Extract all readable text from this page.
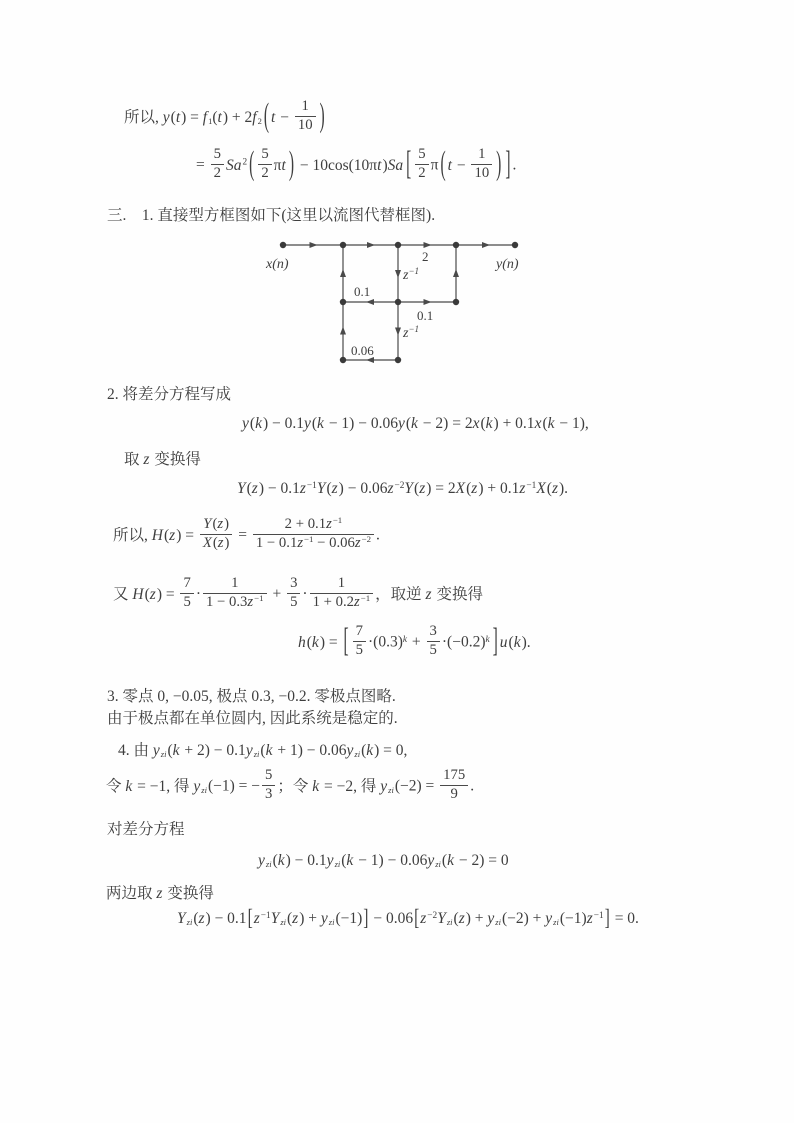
所以, $y(t) = f_1(t) + 2f_2$ ( $t - \frac{1}{10}$ )
= $\frac{5}{2} Sa^2$ ( $\frac{5}{2}$ πt ) − 10cos(10πt)Sa [ $\frac{5}{2}$ π ( $t - \frac{1}{10}$ ) ] .
三.　1. 直接型方框图如下(这里以流图代替框图).
x(n)	y(n)
2
$z^{-1}$
0.1
0.1
$z^{-1}$
0.06
2. 将差分方程写成
y(k) − 0.1y(k − 1) − 0.06y(k − 2) = 2x(k) + 0.1x(k − 1),
取 z 变换得
$Y(z) - 0.1z^{-1}Y(z) - 0.06z^{-2}Y(z) = 2X(z) + 0.1z^{-1}X(z)$.
所以, $H(z) = \frac{Y(z)}{X(z)} = \frac{2 + 0.1z^{-1}}{1 - 0.1z^{-1} - 0.06z^{-2}}$ .
又 $H(z) = \frac{7}{5} \cdot \frac{1}{1 - 0.3z^{-1}} + \frac{3}{5} \cdot \frac{1}{1 + 0.2z^{-1}}$ ，取逆 z 变换得
h(k) = [ $\frac{7}{5} \cdot(0.3)^k + \frac{3}{5} \cdot(-0.2)^k$ ] u(k).
3. 零点 0, −0.05, 极点 0.3, −0.2. 零极点图略.
由于极点都在单位圆内, 因此系统是稳定的.
4. 由 $y_{zi}(k + 2) - 0.1y_{zi}(k + 1) - 0.06y_{zi}(k) = 0$,
令 k = −1, 得 $y_{zi}(-1)$ = − $\frac{5}{3}$ ；令 k = −2, 得 $y_{zi}(-2) = \frac{175}{9}$ .
对差分方程
$y_{zi}(k) - 0.1y_{zi}(k - 1) - 0.06y_{zi}(k - 2) = 0$
两边取 z 变换得
$Y_{zi}(z) - 0.1[z^{-1}Y_{zi}(z) + y_{zi}(-1)] - 0.06[z^{-2}Y_{zi}(z) + y_{zi}(-2) + y_{zi}(-1)z^{-1}] = 0$.
